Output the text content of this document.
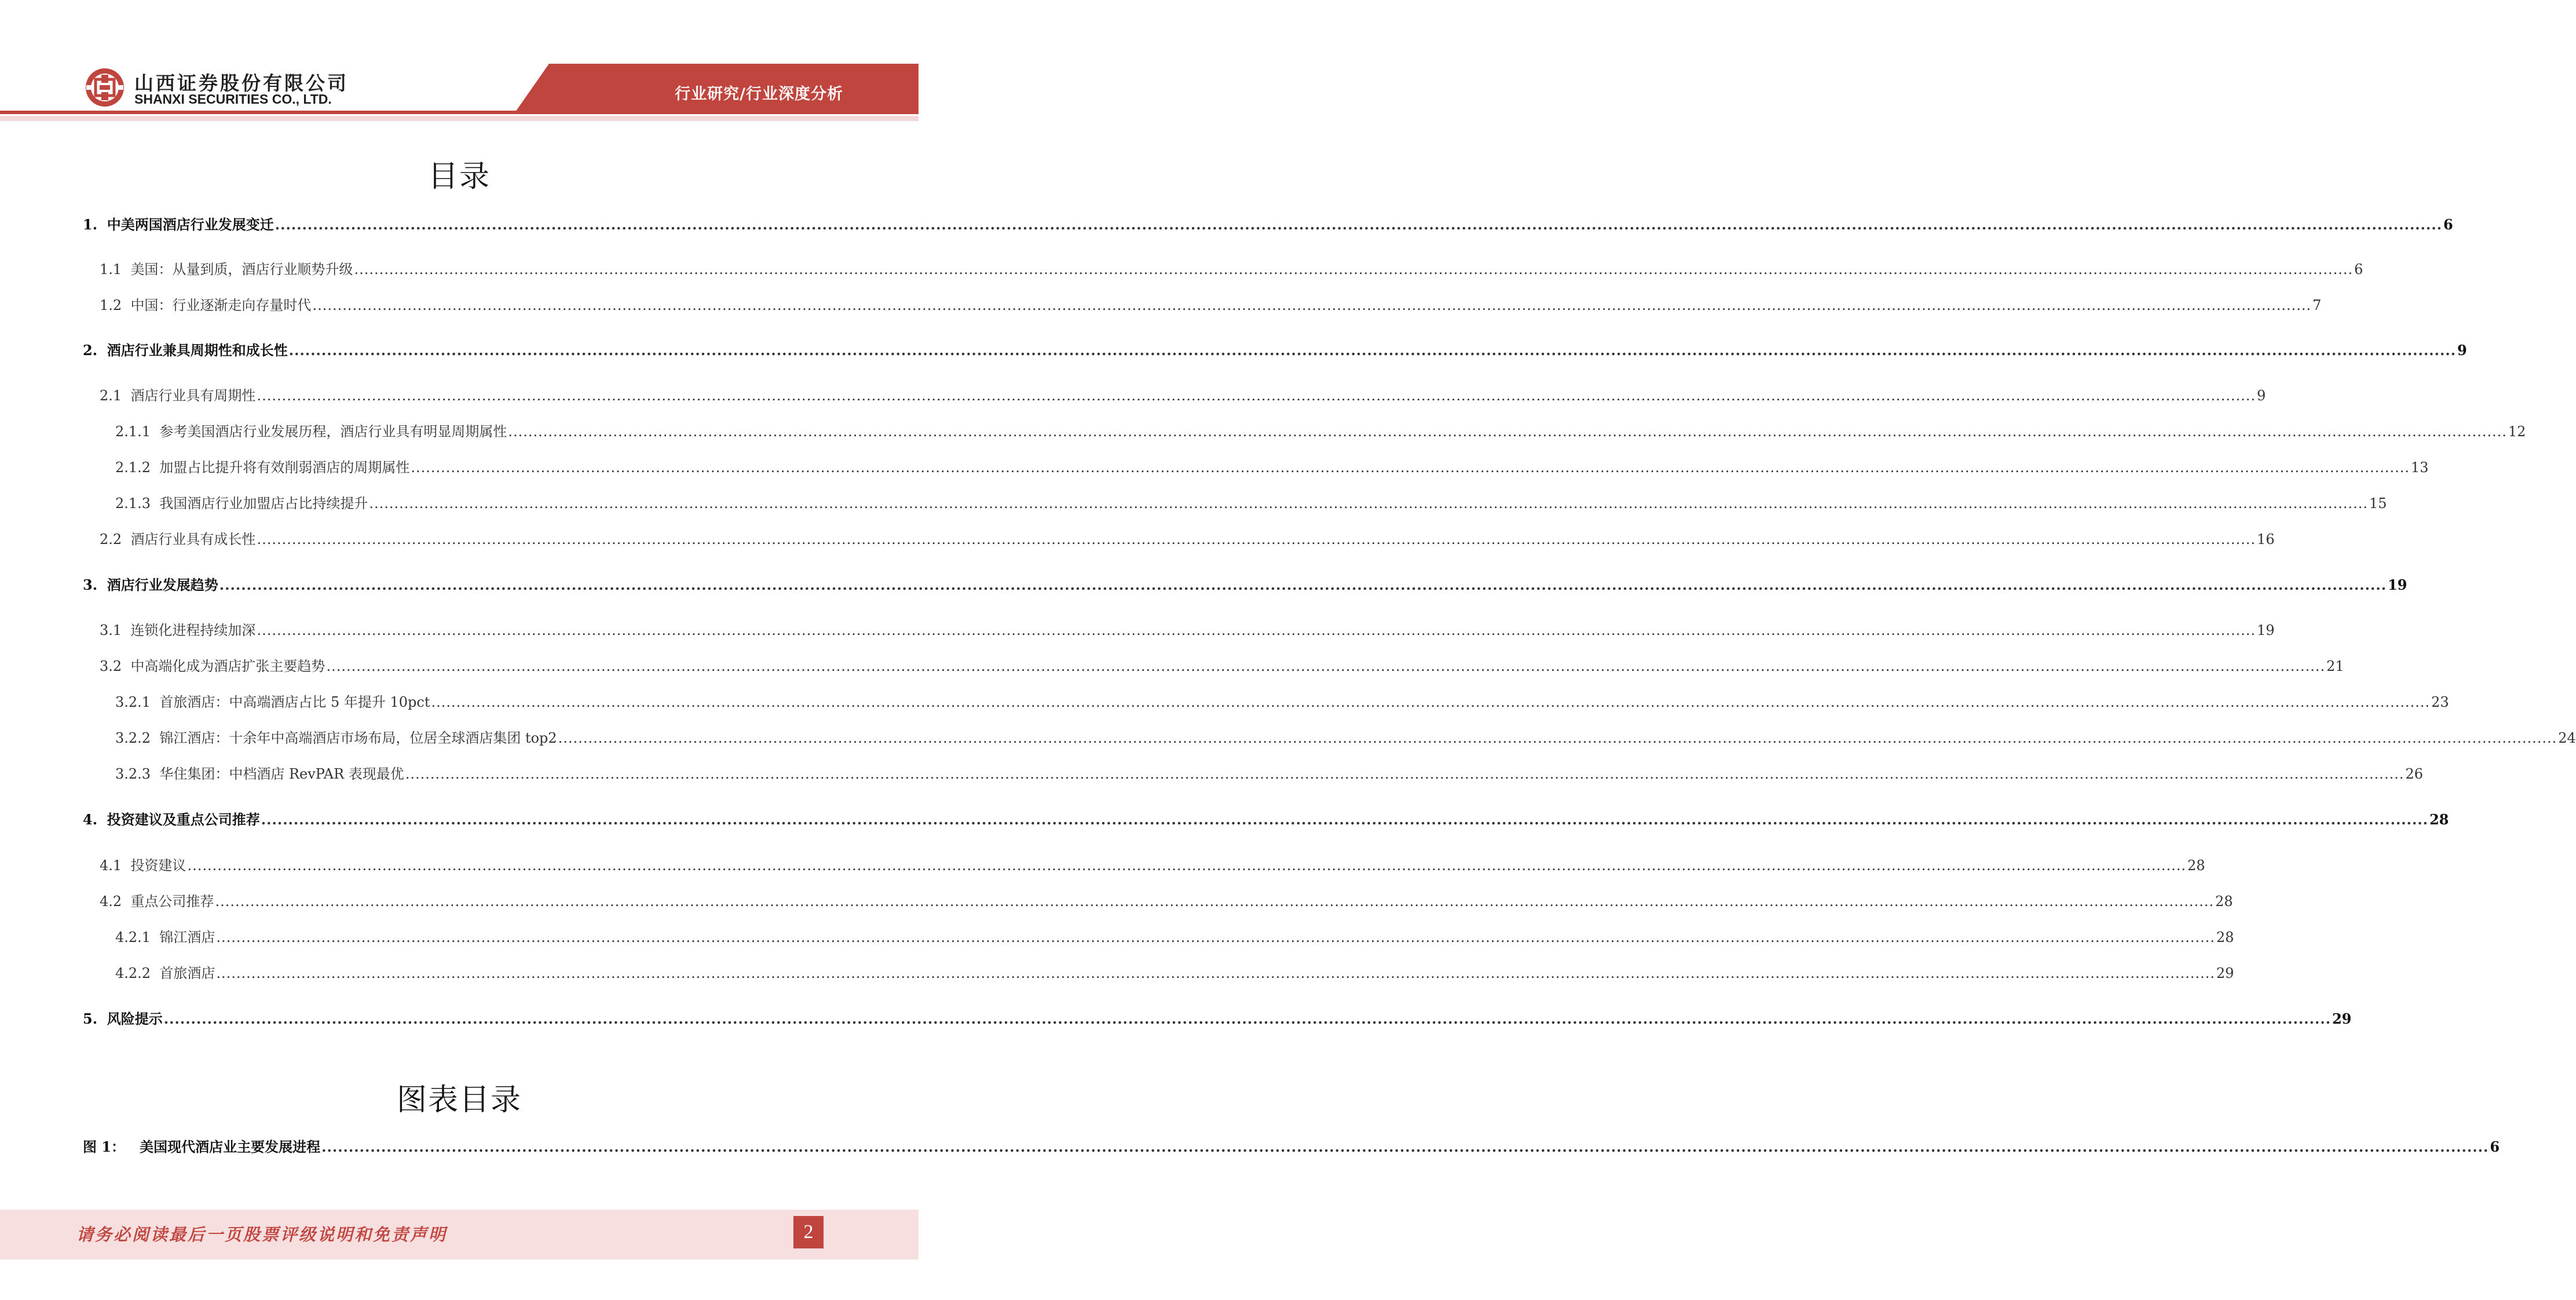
山西证券股份有限公司
SHANXI SECURITIES CO., LTD.	行业研究/行业深度分析
目录
1. 中美两国酒店行业发展变迁 ................................................................................................................................................................................................................................................................................................................................................................................................................ 6
1.1 美国：从量到质，酒店行业顺势升级 ................................................................................................................................................................................................................................................................................................................................................................................................................ 6
1.2 中国：行业逐渐走向存量时代 ................................................................................................................................................................................................................................................................................................................................................................................................................ 7
2. 酒店行业兼具周期性和成长性 ................................................................................................................................................................................................................................................................................................................................................................................................................ 9
2.1 酒店行业具有周期性 ................................................................................................................................................................................................................................................................................................................................................................................................................ 9
2.1.1 参考美国酒店行业发展历程，酒店行业具有明显周期属性 ................................................................................................................................................................................................................................................................................................................................................................................................................ 12
2.1.2 加盟占比提升将有效削弱酒店的周期属性 ................................................................................................................................................................................................................................................................................................................................................................................................................ 13
2.1.3 我国酒店行业加盟店占比持续提升 ................................................................................................................................................................................................................................................................................................................................................................................................................ 15
2.2 酒店行业具有成长性 ................................................................................................................................................................................................................................................................................................................................................................................................................ 16
3. 酒店行业发展趋势 ................................................................................................................................................................................................................................................................................................................................................................................................................ 19
3.1 连锁化进程持续加深 ................................................................................................................................................................................................................................................................................................................................................................................................................ 19
3.2 中高端化成为酒店扩张主要趋势 ................................................................................................................................................................................................................................................................................................................................................................................................................ 21
3.2.1 首旅酒店：中高端酒店占比 5 年提升 10pct ................................................................................................................................................................................................................................................................................................................................................................................................................ 23
3.2.2 锦江酒店：十余年中高端酒店市场布局，位居全球酒店集团 top2 ................................................................................................................................................................................................................................................................................................................................................................................................................ 24
3.2.3 华住集团：中档酒店 RevPAR 表现最优 ................................................................................................................................................................................................................................................................................................................................................................................................................ 26
4. 投资建议及重点公司推荐 ................................................................................................................................................................................................................................................................................................................................................................................................................ 28
4.1 投资建议 ................................................................................................................................................................................................................................................................................................................................................................................................................ 28
4.2 重点公司推荐 ................................................................................................................................................................................................................................................................................................................................................................................................................ 28
4.2.1 锦江酒店 ................................................................................................................................................................................................................................................................................................................................................................................................................ 28
4.2.2 首旅酒店 ................................................................................................................................................................................................................................................................................................................................................................................................................ 29
5. 风险提示 ................................................................................................................................................................................................................................................................................................................................................................................................................ 29
图表目录
图 1： 美国现代酒店业主要发展进程 ................................................................................................................................................................................................................................................................................................................................................................................................................ 6
请务必阅读最后一页股票评级说明和免责声明	2
